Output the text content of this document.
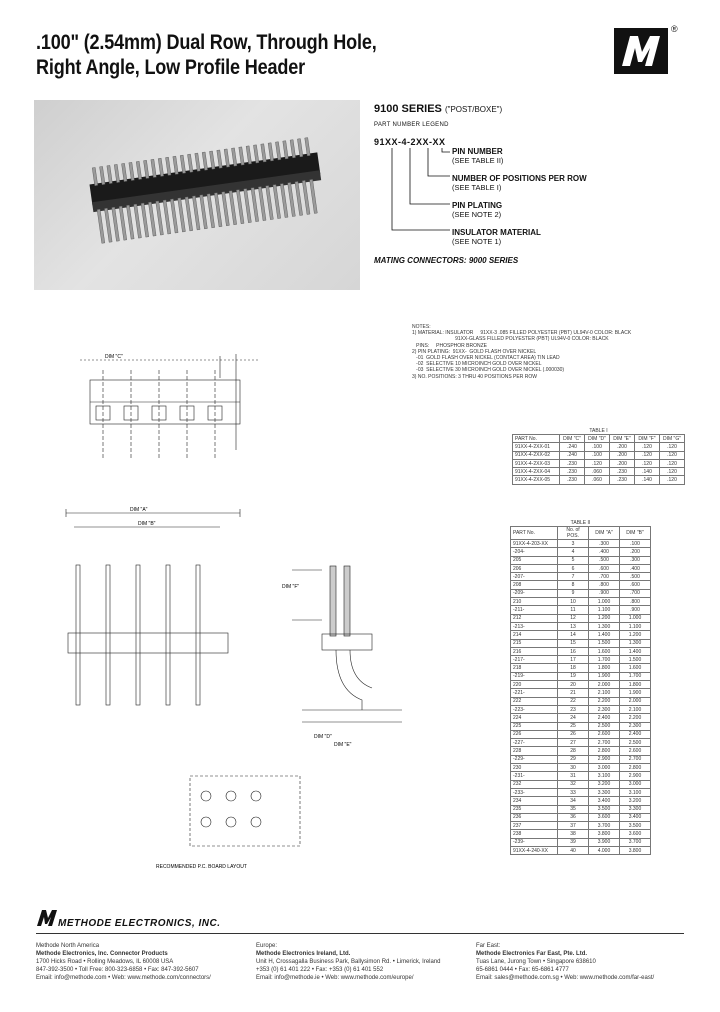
.100" (2.54mm) Dual Row, Through Hole,
Right Angle, Low Profile Header
®
9100 SERIES ("POST/BOXE")
PART NUMBER LEGEND
91XX-4-2XX-XX
PIN NUMBER
(SEE TABLE II)
NUMBER OF POSITIONS PER ROW
(SEE TABLE I)
PIN PLATING
(SEE NOTE 2)
INSULATOR MATERIAL
(SEE NOTE 1)
MATING CONNECTORS: 9000 SERIES
NOTES:
1) MATERIAL: INSULATOR     91XX-3 .085 FILLED POLYESTER (PBT) UL94V-0 COLOR: BLACK
91XX-GLASS FILLED POLYESTER (PBT) UL94V-0 COLOR: BLACK
PINS:     PHOSPHOR BRONZE
2) PIN PLATING:  91XX-  GOLD FLASH OVER NICKEL
-01  GOLD FLASH OVER NICKEL (CONTACT AREA) TIN LEAD
-02  SELECTIVE 10 MICROINCH GOLD OVER NICKEL
-03  SELECTIVE 30 MICROINCH GOLD OVER NICKEL (.000030)
3) NO. POSITIONS: 3 THRU 40 POSITIONS PER ROW
DIM "C"
DIM "A"
DIM "B"
DIM "F"
DIM "D"
DIM "E"
RECOMMENDED P.C. BOARD LAYOUT
TABLE I
PART No.	DIM "C"	DIM "D"	DIM "E"	DIM "F"	DIM "G"
91XX-4-2XX-01	.240	.100	.200	.120	.120
91XX-4-2XX-02	.240	.100	.200	.120	.120
91XX-4-2XX-03	.230	.120	.200	.120	.120
91XX-4-2XX-04	.230	.060	.230	.140	.120
91XX-4-2XX-05	.230	.060	.230	.140	.120
TABLE II
PART No.	No. of POS.	DIM "A"	DIM "B"
91XX-4-203-XX	3	.300	.100
-204-	4	.400	.200
205	5	.500	.300
206	6	.600	.400
-207-	7	.700	.500
208	8	.800	.600
-209-	9	.900	.700
210	10	1.000	.800
-211-	11	1.100	.900
212	12	1.200	1.000
-213-	13	1.300	1.100
214	14	1.400	1.200
215	15	1.500	1.300
216	16	1.600	1.400
-217-	17	1.700	1.500
218	18	1.800	1.600
-219-	19	1.900	1.700
220	20	2.000	1.800
-221-	21	2.100	1.900
222	22	2.200	2.000
-223-	23	2.300	2.100
224	24	2.400	2.200
225	25	2.500	2.300
226	26	2.600	2.400
-227-	27	2.700	2.500
228	28	2.800	2.600
-229-	29	2.900	2.700
230	30	3.000	2.800
-231-	31	3.100	2.900
232	32	3.200	3.000
-233-	33	3.300	3.100
234	34	3.400	3.200
235	35	3.500	3.300
236	36	3.600	3.400
237	37	3.700	3.500
238	38	3.800	3.600
-239-	39	3.900	3.700
91XX-4-240-XX	40	4.000	3.800
METHODE ELECTRONICS, INC.
Methode North America
Methode Electronics, Inc. Connector Products
1700 Hicks Road • Rolling Meadows, IL 60008 USA
847-392-3500 • Toll Free: 800-323-6858 • Fax: 847-392-5607
Email: info@methode.com • Web: www.methode.com/connectors/
Europe:
Methode Electronics Ireland, Ltd.
Unit H, Crossagalla Business Park, Ballysimon Rd. • Limerick, Ireland
+353 (0) 61 401 222 • Fax: +353 (0) 61 401 552
Email: info@methode.ie • Web: www.methode.com/europe/
Far East:
Methode Electronics Far East, Pte. Ltd.
Tuas Lane, Jurong Town • Singapore 638610
65-6861 0444 • Fax: 65-6861 4777
Email: sales@methode.com.sg • Web: www.methode.com/far-east/
